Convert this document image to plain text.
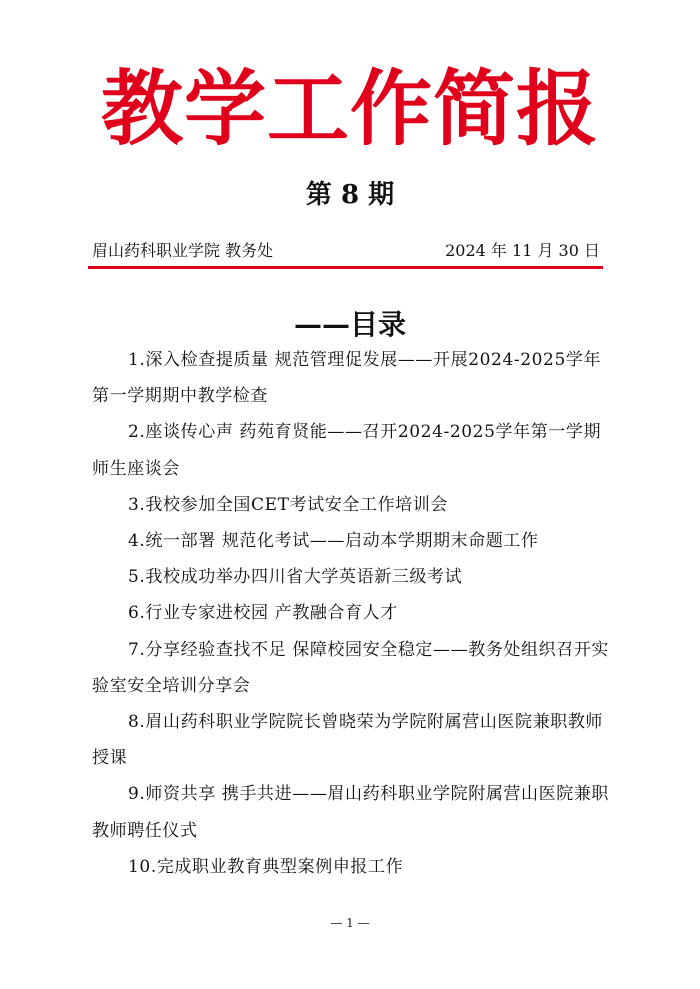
教学工作简报
第 8 期
眉山药科职业学院 教务处	2024 年 11 月 30 日
——目录
1.深入检查提质量 规范管理促发展——开展2024-2025学年第一学期期中教学检查
2.座谈传心声 药苑育贤能——召开2024-2025学年第一学期师生座谈会
3.我校参加全国CET考试安全工作培训会
4.统一部署 规范化考试——启动本学期期末命题工作
5.我校成功举办四川省大学英语新三级考试
6.行业专家进校园 产教融合育人才
7.分享经验查找不足 保障校园安全稳定——教务处组织召开实验室安全培训分享会
8.眉山药科职业学院院长曾晓荣为学院附属营山医院兼职教师授课
9.师资共享 携手共进——眉山药科职业学院附属营山医院兼职教师聘任仪式
10.完成职业教育典型案例申报工作
— 1 —
